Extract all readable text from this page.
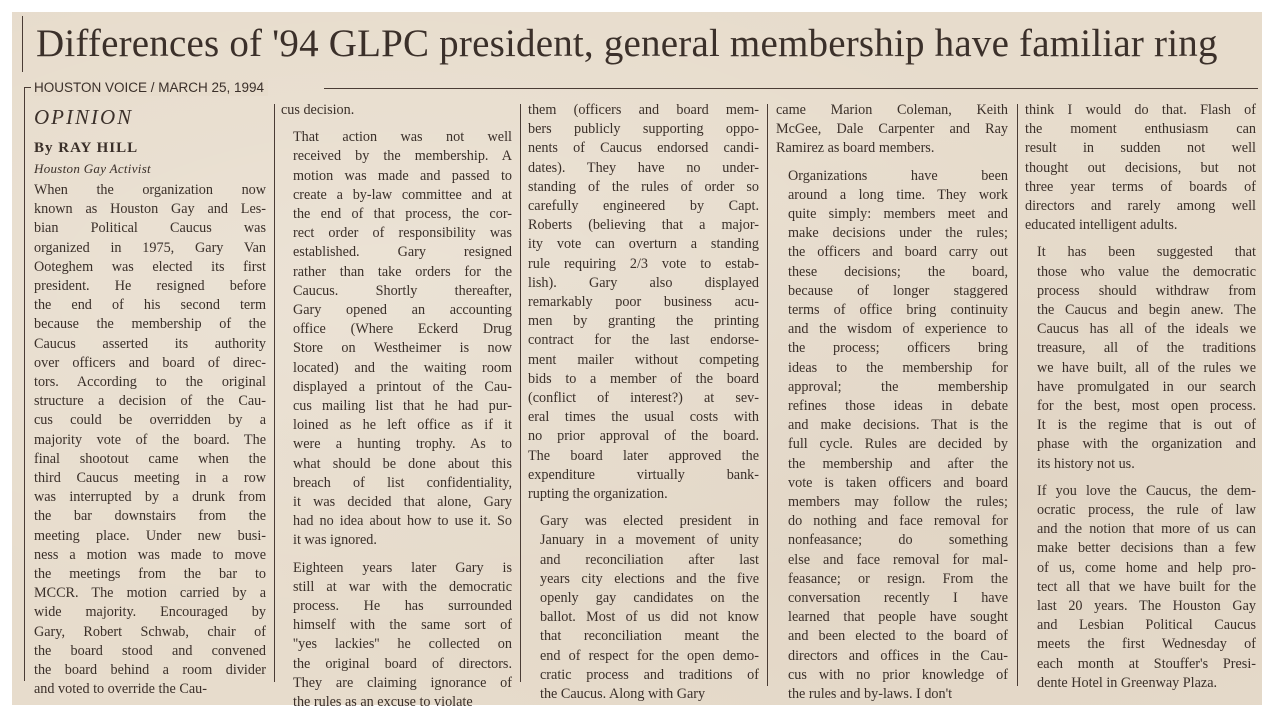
Differences of '94 GLPC president, general membership have familiar ring
HOUSTON VOICE / MARCH 25, 1994
OPINION
By RAY HILL
Houston Gay Activist

When the organization now
known as Houston Gay and Les-
bian Political Caucus was
organized in 1975, Gary Van
Ooteghem was elected its first
president. He resigned before
the end of his second term
because the membership of the
Caucus asserted its authority
over officers and board of direc-
tors. According to the original
structure a decision of the Cau-
cus could be overridden by a
majority vote of the board. The
final shootout came when the
third Caucus meeting in a row
was interrupted by a drunk from
the bar downstairs from the
meeting place. Under new busi-
ness a motion was made to move
the meetings from the bar to
MCCR. The motion carried by a
wide majority. Encouraged by
Gary, Robert Schwab, chair of
the board stood and convened
the board behind a room divider
and voted to override the Cau-

cus decision.

That action was not well
received by the membership. A
motion was made and passed to
create a by-law committee and at
the end of that process, the cor-
rect order of responsibility was
established. Gary resigned
rather than take orders for the
Caucus. Shortly thereafter,
Gary opened an accounting
office (Where Eckerd Drug
Store on Westheimer is now
located) and the waiting room
displayed a printout of the Cau-
cus mailing list that he had pur-
loined as he left office as if it
were a hunting trophy. As to
what should be done about this
breach of list confidentiality,
it was decided that alone, Gary
had no idea about how to use it. So
it was ignored.

Eighteen years later Gary is
still at war with the democratic
process. He has surrounded
himself with the same sort of
''yes lackies'' he collected on
the original board of directors.
They are claiming ignorance of
the rules as an excuse to violate

them (officers and board mem-
bers publicly supporting oppo-
nents of Caucus endorsed candi-
dates). They have no under-
standing of the rules of order so
carefully engineered by Capt.
Roberts (believing that a major-
ity vote can overturn a standing
rule requiring 2/3 vote to estab-
lish). Gary also displayed
remarkably poor business acu-
men by granting the printing
contract for the last endorse-
ment mailer without competing
bids to a member of the board
(conflict of interest?) at sev-
eral times the usual costs with
no prior approval of the board.
The board later approved the
expenditure virtually bank-
rupting the organization.

Gary was elected president in
January in a movement of unity
and reconciliation after last
years city elections and the five
openly gay candidates on the
ballot. Most of us did not know
that reconciliation meant the
end of respect for the open demo-
cratic process and traditions of
the Caucus. Along with Gary

came Marion Coleman, Keith
McGee, Dale Carpenter and Ray
Ramirez as board members.

Organizations have been
around a long time. They work
quite simply: members meet and
make decisions under the rules;
the officers and board carry out
these decisions; the board,
because of longer staggered
terms of office bring continuity
and the wisdom of experience to
the process; officers bring
ideas to the membership for
approval; the membership
refines those ideas in debate
and make decisions. That is the
full cycle. Rules are decided by
the membership and after the
vote is taken officers and board
members may follow the rules;
do nothing and face removal for
nonfeasance; do something
else and face removal for mal-
feasance; or resign. From the
conversation recently I have
learned that people have sought
and been elected to the board of
directors and offices in the Cau-
cus with no prior knowledge of
the rules and by-laws. I don't

think I would do that. Flash of
the moment enthusiasm can
result in sudden not well
thought out decisions, but not
three year terms of boards of
directors and rarely among well
educated intelligent adults.

It has been suggested that
those who value the democratic
process should withdraw from
the Caucus and begin anew. The
Caucus has all of the ideals we
treasure, all of the traditions
we have built, all of the rules we
have promulgated in our search
for the best, most open process.
It is the regime that is out of
phase with the organization and
its history not us.

If you love the Caucus, the dem-
ocratic process, the rule of law
and the notion that more of us can
make better decisions than a few
of us, come home and help pro-
tect all that we have built for the
last 20 years. The Houston Gay
and Lesbian Political Caucus
meets the first Wednesday of
each month at Stouffer's Presi-
dente Hotel in Greenway Plaza.
